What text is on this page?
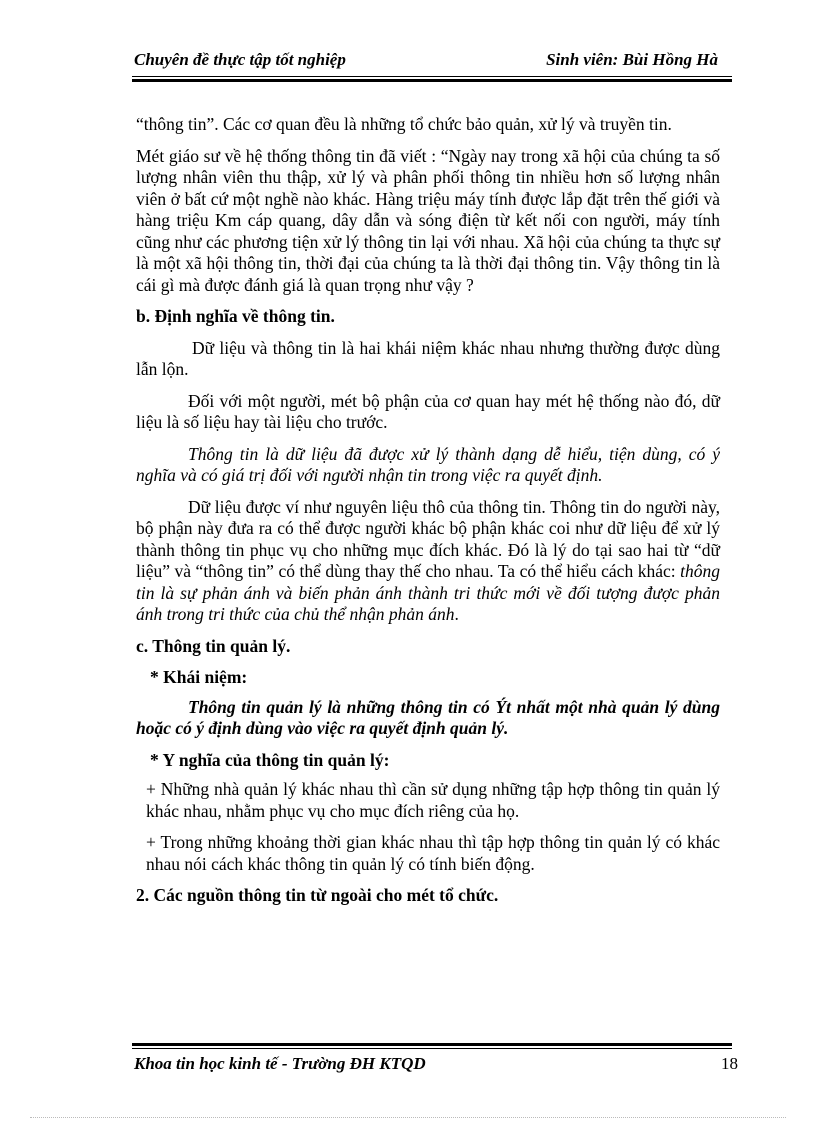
Chuyên đề thực tập tốt nghiệp	Sinh viên: Bùi Hồng Hà

“thông tin”. Các cơ quan đều là những tổ chức bảo quản, xử lý và truyền tin.

Mét giáo sư về hệ thống thông tin đã viết : “Ngày nay trong xã hội của chúng ta số lượng nhân viên thu thập, xử lý và phân phối thông tin nhiều hơn số lượng nhân viên ở bất cứ một nghề nào khác. Hàng triệu máy tính được lắp đặt trên thế giới và hàng triệu Km cáp quang, dây dẫn và sóng điện từ kết nối con người, máy tính cũng như các phương tiện xử lý thông tin lại với nhau. Xã hội của chúng ta thực sự là một xã hội thông tin, thời đại của chúng ta là thời đại thông tin. Vậy thông tin là cái gì mà được đánh giá là quan trọng như vậy ?

b. Định nghĩa về thông tin.

Dữ liệu và thông tin là hai khái niệm khác nhau nhưng thường được dùng lẫn lộn.

Đối với một người, mét bộ phận của cơ quan hay mét hệ thống nào đó, dữ liệu là số liệu hay tài liệu cho trước.

Thông tin là dữ liệu đã được xử lý thành dạng dễ hiểu, tiện dùng, có ý nghĩa và có giá trị đối với người nhận tin trong việc ra quyết định.

Dữ liệu được ví như nguyên liệu thô của thông tin. Thông tin do người này, bộ phận này đưa ra có thể được người khác bộ phận khác coi như dữ liệu để xử lý thành thông tin phục vụ cho những mục đích khác. Đó là lý do tại sao hai từ “dữ liệu” và “thông tin” có thể dùng thay thế cho nhau. Ta có thể hiểu cách khác: thông tin là sự phản ánh và biến phản ánh thành tri thức mới về đối tượng được phản ánh trong tri thức của chủ thể nhận phản ánh.

c. Thông tin quản lý.

* Khái niệm:

Thông tin quản lý là những thông tin có Ýt nhất một nhà quản lý dùng hoặc có ý định dùng vào việc ra quyết định quản lý.

* Y nghĩa của thông tin quản lý:

+ Những nhà quản lý khác nhau thì cần sử dụng những tập hợp thông tin quản lý khác nhau, nhằm phục vụ cho mục đích riêng của họ.

+ Trong những khoảng thời gian khác nhau thì tập hợp thông tin quản lý có khác nhau nói cách khác thông tin quản lý có tính biến động.

2. Các nguồn thông tin từ ngoài cho mét tổ chức.

Khoa tin học kinh tế - Trường ĐH KTQD	18
